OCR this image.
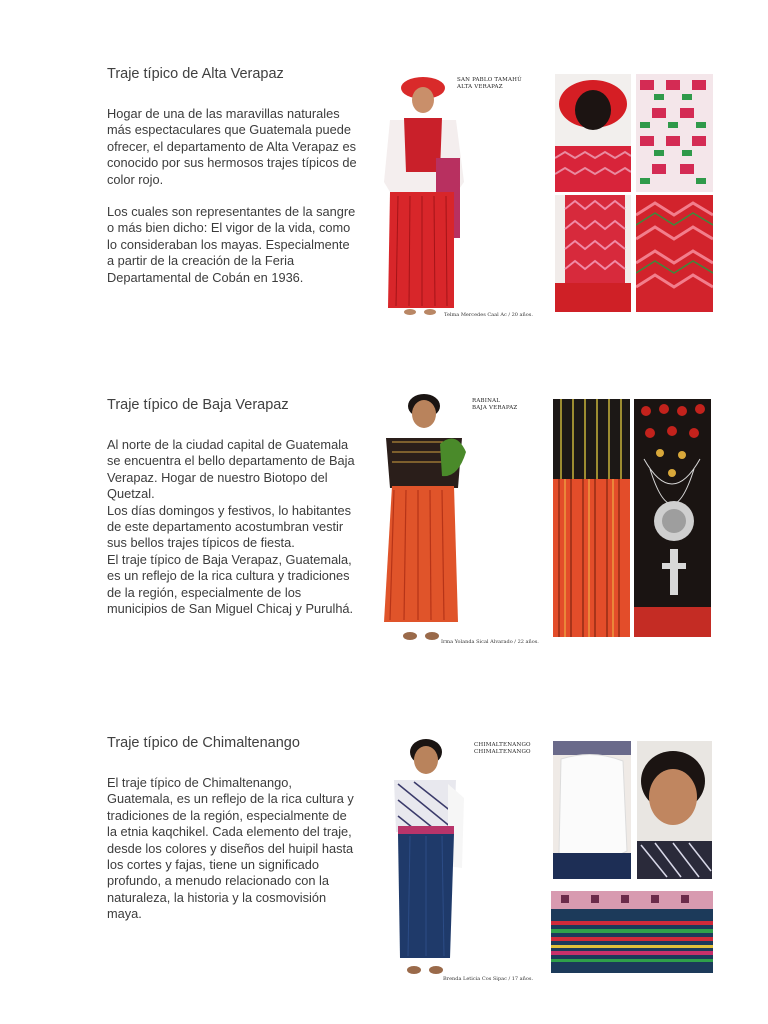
Traje típico de Alta Verapaz

Hogar de una de las maravillas naturales más espectaculares que Guatemala puede ofrecer, el departamento de Alta Verapaz es conocido por sus hermosos trajes típicos de color rojo.

Los cuales son representantes de la sangre o más bien dicho: El vigor de la vida, como lo consideraban los mayas. Especialmente a partir de la creación de la Feria Departamental de Cobán en 1936.

SAN PABLO TAMAHÚ
ALTA VERAPAZ
Telma Mercedes Caal Ac / 20 años.
Traje típico de Baja Verapaz

Al norte de la ciudad capital de Guatemala se encuentra el bello departamento de Baja Verapaz. Hogar de nuestro Biotopo del Quetzal.

Los días domingos y festivos, lo habitantes de este departamento acostumbran vestir sus bellos trajes típicos de fiesta.

El traje típico de Baja Verapaz, Guatemala, es un reflejo de la rica cultura y tradiciones de la región, especialmente de los municipios de San Miguel Chicaj y Purulhá.

RABINAL
BAJA VERAPAZ
Irma Yolanda Sical Alvarado / 22 años.
Traje típico de Chimaltenango

El traje típico de Chimaltenango, Guatemala, es un reflejo de la rica cultura y tradiciones de la región, especialmente de la etnia kaqchikel. Cada elemento del traje, desde los colores y diseños del huipil hasta los cortes y fajas, tiene un significado profundo, a menudo relacionado con la naturaleza, la historia y la cosmovisión maya.

CHIMALTENANGO
CHIMALTENANGO
Brenda Leticia Cos Sipac / 17 años.
